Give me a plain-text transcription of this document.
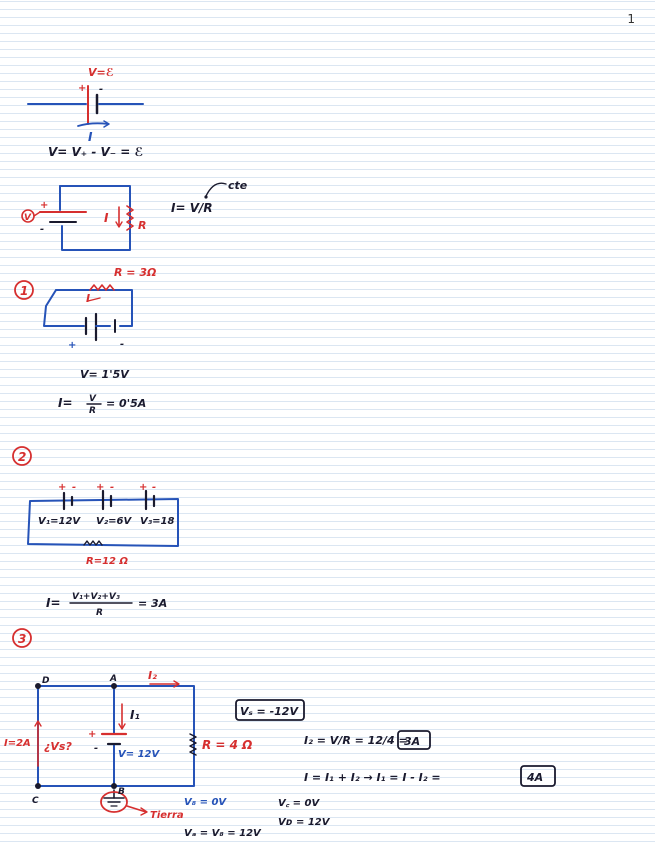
1
V=ℰ
+ -
I
V= V₊ - V₋ = ℰ
V
+
-
I
R
I= V/R
cte
1
R = 3Ω
I
+	-
V= 1'5V
I= V
R
= 0'5A
2
+ - + - + -
V₁=12V V₂=6V V₃=18
R=12 Ω
I= V₁+V₂+V₃
R
= 3A
3
A
B
C
D
I₁
I₂
+
-
V= 12V
R = 4 Ω
¿Vs?
I=2A
Vₛ = -12V
V₈ = 0V
Tierra
Vₐ = V₈ = 12V
V꜀ = 0V
Vᴅ = 12V
I₂ = V/R = 12/4 =
3A
I = I₁ + I₂ → I₁ = I - I₂ =	4A
